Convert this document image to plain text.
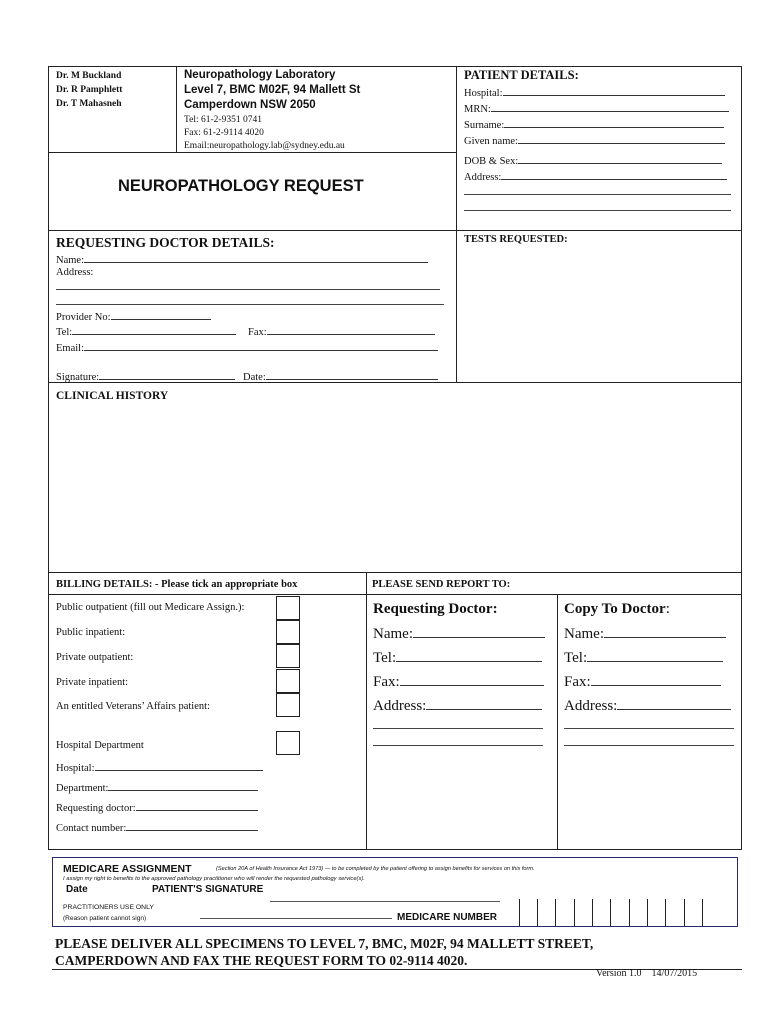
Dr. M Buckland
Dr. R Pamphlett
Dr. T Mahasneh
Neuropathology Laboratory
Level 7, BMC M02F, 94 Mallett St
Camperdown NSW 2050
Tel: 61-2-9351 0741
Fax: 61-2-9114 4020
Email:neuropathology.lab@sydney.edu.au
NEUROPATHOLOGY REQUEST
PATIENT DETAILS:
Hospital:
MRN:
Surname:
Given name:
DOB & Sex:
Address:
REQUESTING DOCTOR DETAILS:
Name:
Address:
Provider No:
Tel:	Fax:
Email:
Signature:	Date:
TESTS REQUESTED:
CLINICAL HISTORY
BILLING DETAILS: - Please tick an appropriate box	PLEASE SEND REPORT TO:
Public outpatient (fill out Medicare Assign.):
Public inpatient:
Private outpatient:
Private inpatient:
An entitled Veterans’ Affairs patient:
Hospital Department
Hospital:
Department:
Requesting doctor:
Contact number:
Requesting Doctor:
Name:
Tel:
Fax:
Address:
Copy To Doctor:
Name:
Tel:
Fax:
Address:
MEDICARE ASSIGNMENT	(Section 20A of Health Insurance Act 1973) — to be completed by the patient offering to assign benefits for services on this form.
I assign my right to benefits to the approved pathology practitioner who will render the requested pathology service(s).
Date	PATIENT'S SIGNATURE
PRACTITIONERS USE ONLY
(Reason patient cannot sign)	MEDICARE NUMBER
PLEASE DELIVER ALL SPECIMENS TO LEVEL 7, BMC, M02F, 94 MALLETT STREET,
CAMPERDOWN AND FAX THE REQUEST FORM TO 02-9114 4020.
Version 1.0    14/07/2015
